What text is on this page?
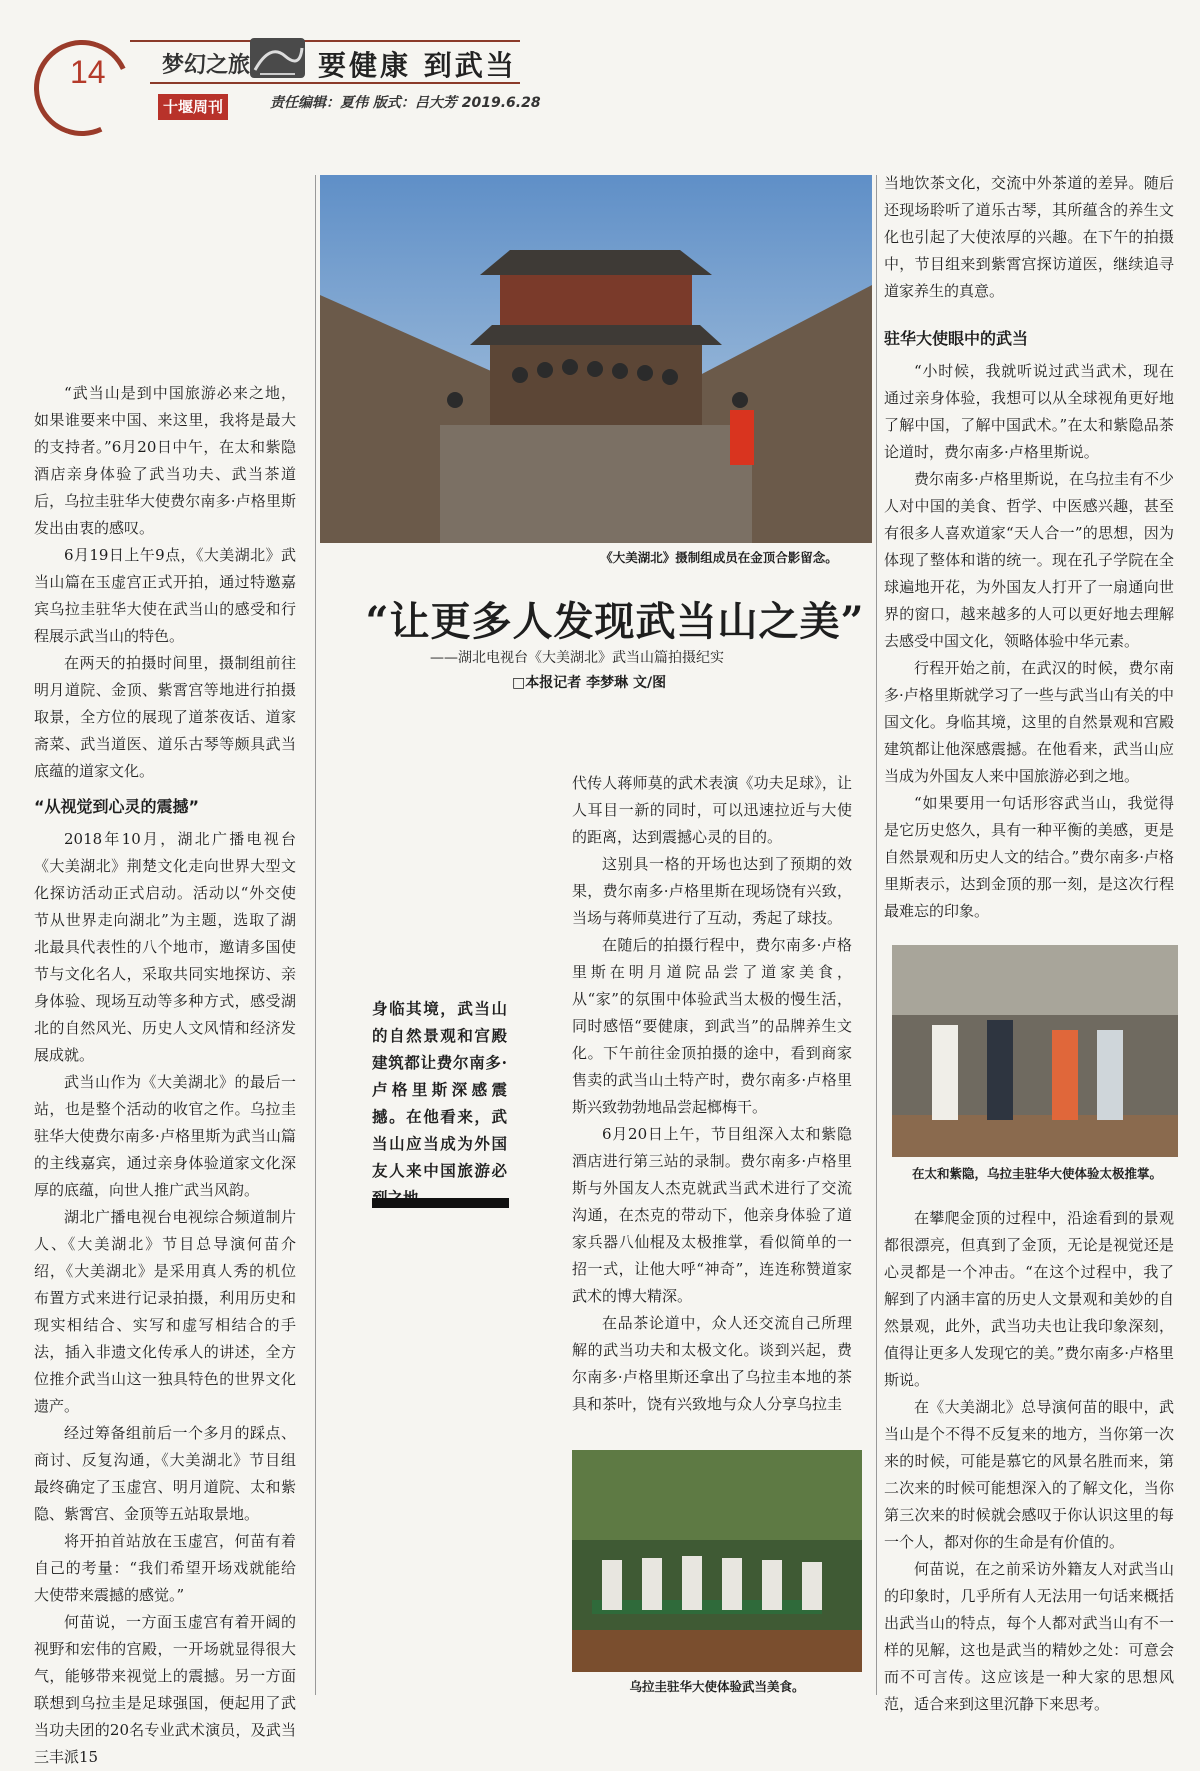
14	梦幻之旅 要健康 到武当
十堰周刊	责任编辑：夏伟 版式：吕大芳 2019.6.28

“武当山是到中国旅游必来之地，如果谁要来中国、来这里，我将是最大的支持者。”6月20日中午，在太和紫隐酒店亲身体验了武当功夫、武当茶道后，乌拉圭驻华大使费尔南多·卢格里斯发出由衷的感叹。

6月19日上午9点，《大美湖北》武当山篇在玉虚宫正式开拍，通过特邀嘉宾乌拉圭驻华大使在武当山的感受和行程展示武当山的特色。

在两天的拍摄时间里，摄制组前往明月道院、金顶、紫霄宫等地进行拍摄取景，全方位的展现了道茶夜话、道家斋菜、武当道医、道乐古琴等颇具武当底蕴的道家文化。

“从视觉到心灵的震撼”

2018年10月，湖北广播电视台《大美湖北》荆楚文化走向世界大型文化探访活动正式启动。活动以“外交使节从世界走向湖北”为主题，选取了湖北最具代表性的八个地市，邀请多国使节与文化名人，采取共同实地探访、亲身体验、现场互动等多种方式，感受湖北的自然风光、历史人文风情和经济发展成就。

武当山作为《大美湖北》的最后一站，也是整个活动的收官之作。乌拉圭驻华大使费尔南多·卢格里斯为武当山篇的主线嘉宾，通过亲身体验道家文化深厚的底蕴，向世人推广武当风韵。

湖北广播电视台电视综合频道制片人、《大美湖北》节目总导演何苗介绍，《大美湖北》是采用真人秀的机位布置方式来进行记录拍摄，利用历史和现实相结合、实写和虚写相结合的手法，插入非遗文化传承人的讲述，全方位推介武当山这一独具特色的世界文化遗产。

经过筹备组前后一个多月的踩点、商讨、反复沟通，《大美湖北》节目组最终确定了玉虚宫、明月道院、太和紫隐、紫霄宫、金顶等五站取景地。

将开拍首站放在玉虚宫，何苗有着自己的考量：“我们希望开场戏就能给大使带来震撼的感觉。”

何苗说，一方面玉虚宫有着开阔的视野和宏伟的宫殿，一开场就显得很大气，能够带来视觉上的震撼。另一方面联想到乌拉圭是足球强国，便起用了武当功夫团的20名专业武术演员，及武当三丰派15

《大美湖北》摄制组成员在金顶合影留念。
“让更多人发现武当山之美”
——湖北电视台《大美湖北》武当山篇拍摄纪实
□本报记者 李梦琳 文/图
身临其境，武当山的自然景观和宫殿建筑都让费尔南多·卢格里斯深感震撼。在他看来，武当山应当成为外国友人来中国旅游必

代传人蒋师莫的武术表演《功夫足球》，让人耳目一新的同时，可以迅速拉近与大使的距离，达到震撼心灵的目的。

这别具一格的开场也达到了预期的效果，费尔南多·卢格里斯在现场饶有兴致，当场与蒋师莫进行了互动，秀起了球技。

在随后的拍摄行程中，费尔南多·卢格里斯在明月道院品尝了道家美食，从“家”的氛围中体验武当太极的慢生活，同时感悟“要健康，到武当”的品牌养生文化。下午前往金顶拍摄的途中，看到商家售卖的武当山土特产时，费尔南多·卢格里斯兴致勃勃地品尝起榔梅干。

6月20日上午，节目组深入太和紫隐酒店进行第三站的录制。费尔南多·卢格里斯与外国友人杰克就武当武术进行了交流沟通，在杰克的带动下，他亲身体验了道家兵器八仙棍及太极推掌，看似简单的一招一式，让他大呼“神奇”，连连称赞道家武术的博大精深。

在品茶论道中，众人还交流自己所理解的武当功夫和太极文化。谈到兴起，费尔南多·卢格里斯还拿出了乌拉圭本地的茶具和茶叶，饶有兴致地与众人分享乌拉圭

乌拉圭驻华大使体验武当美食。

当地饮茶文化，交流中外茶道的差异。随后还现场聆听了道乐古琴，其所蕴含的养生文化也引起了大使浓厚的兴趣。在下午的拍摄中，节目组来到紫霄宫探访道医，继续追寻道家养生的真意。

驻华大使眼中的武当

“小时候，我就听说过武当武术，现在通过亲身体验，我想可以从全球视角更好地了解中国，了解中国武术。”在太和紫隐品茶论道时，费尔南多·卢格里斯说。

费尔南多·卢格里斯说，在乌拉圭有不少人对中国的美食、哲学、中医感兴趣，甚至有很多人喜欢道家“天人合一”的思想，因为体现了整体和谐的统一。现在孔子学院在全球遍地开花，为外国友人打开了一扇通向世界的窗口，越来越多的人可以更好地去理解去感受中国文化，领略体验中华元素。

行程开始之前，在武汉的时候，费尔南多·卢格里斯就学习了一些与武当山有关的中国文化。身临其境，这里的自然景观和宫殿建筑都让他深感震撼。在他看来，武当山应当成为外国友人来中国旅游必到之地。

“如果要用一句话形容武当山，我觉得是它历史悠久，具有一种平衡的美感，更是自然景观和历史人文的结合。”费尔南多·卢格里斯表示，达到金顶的那一刻，是这次行程最难忘的印象。

在太和紫隐，乌拉圭驻华大使体验太极推掌。

在攀爬金顶的过程中，沿途看到的景观都很漂亮，但真到了金顶，无论是视觉还是心灵都是一个冲击。“在这个过程中，我了解到了内涵丰富的历史人文景观和美妙的自然景观，此外，武当功夫也让我印象深刻，值得让更多人发现它的美。”费尔南多·卢格里斯说。

在《大美湖北》总导演何苗的眼中，武当山是个不得不反复来的地方，当你第一次来的时候，可能是慕它的风景名胜而来，第二次来的时候可能想深入的了解文化，当你第三次来的时候就会感叹于你认识这里的每一个人，都对你的生命是有价值的。

何苗说，在之前采访外籍友人对武当山的印象时，几乎所有人无法用一句话来概括出武当山的特点，每个人都对武当山有不一样的见解，这也是武当的精妙之处：可意会而不可言传。这应该是一种大家的思想风范，适合来到这里沉静下来思考。
